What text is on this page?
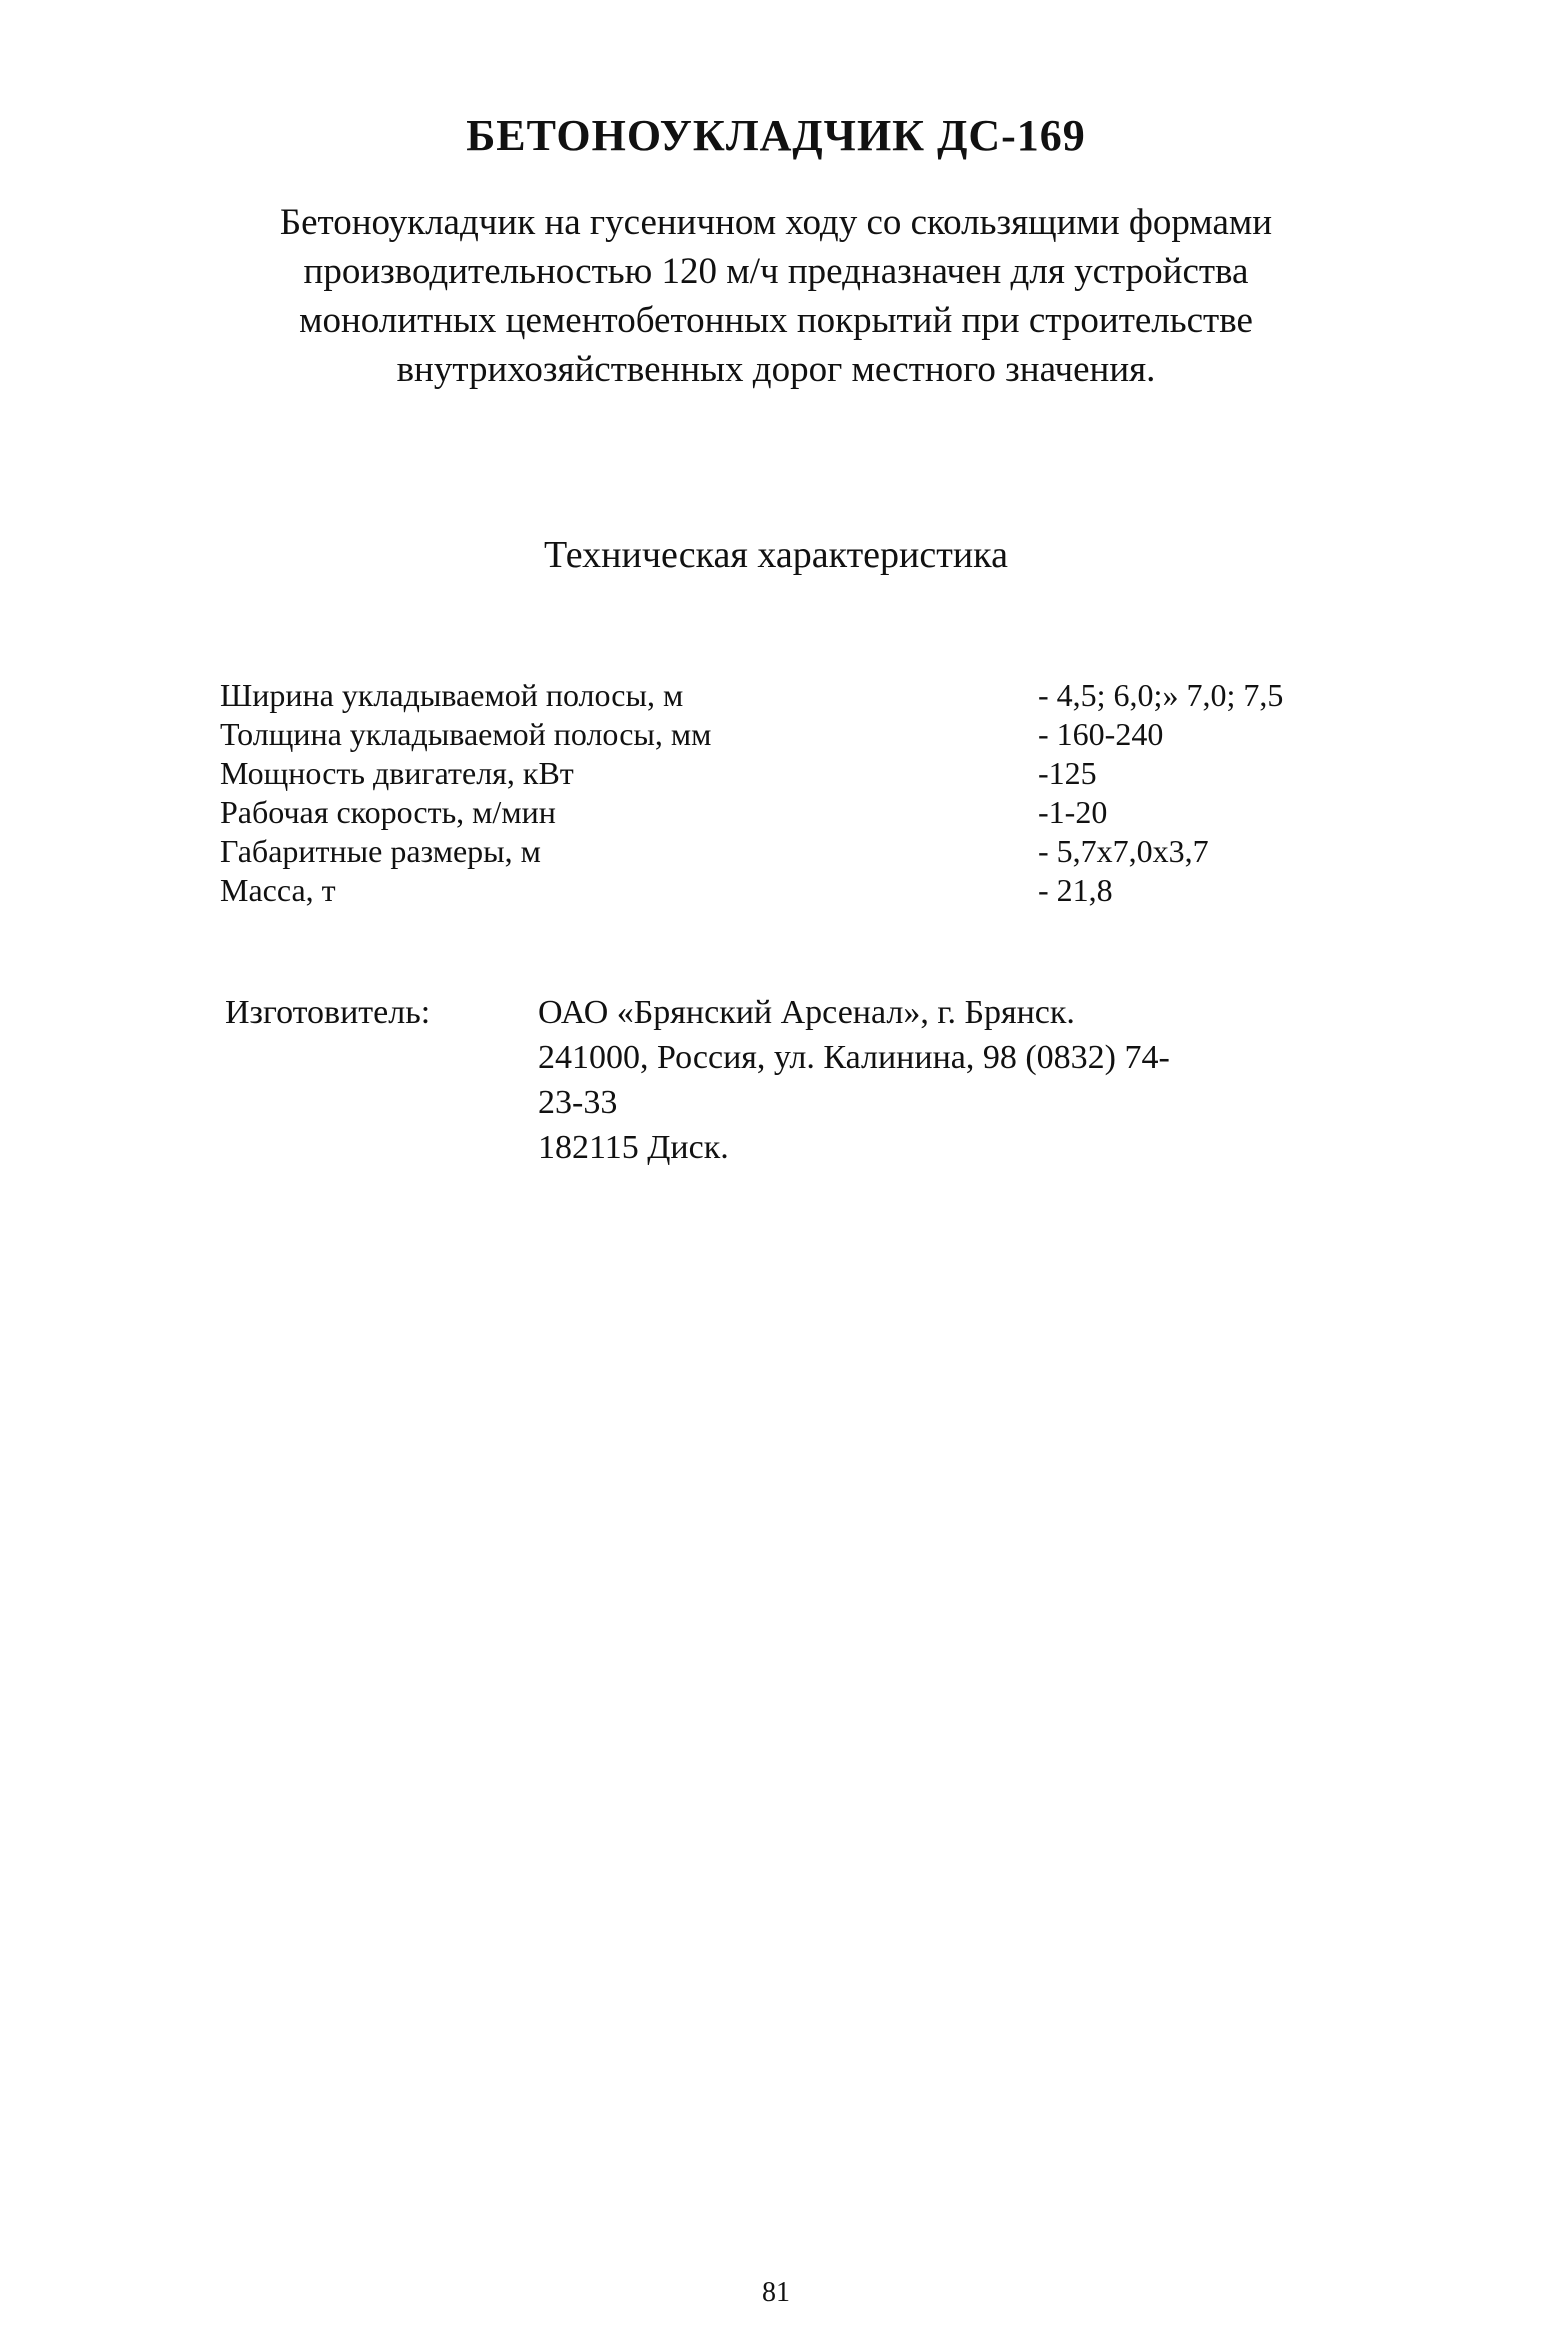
БЕТОНОУКЛАДЧИК ДС-169
Бетоноукладчик на гусеничном ходу со скользящими формами
производительностью 120 м/ч предназначен для устройства
монолитных цементобетонных покрытий при строительстве
внутрихозяйственных дорог местного значения.
Техническая характеристика
Ширина укладываемой полосы, м	- 4,5; 6,0;» 7,0; 7,5
Толщина укладываемой полосы, мм	- 160-240
Мощность двигателя, кВт	-125
Рабочая скорость, м/мин	-1-20
Габаритные размеры, м	- 5,7x7,0x3,7
Масса, т	- 21,8
Изготовитель:	ОАО «Брянский Арсенал», г. Брянск.
241000, Россия, ул. Калинина, 98 (0832) 74-
23-33
182115 Диск.
81
